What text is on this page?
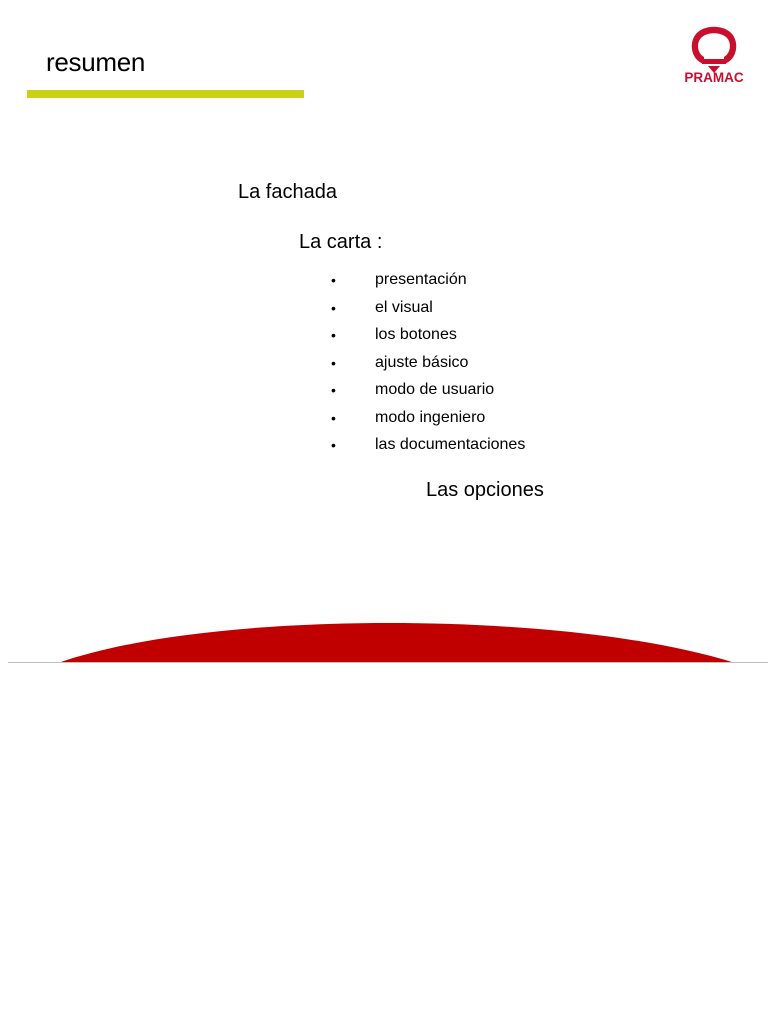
resumen
PRAMAC
La fachada
La carta :
• presentación
• el visual
• los botones
• ajuste básico
• modo de usuario
• modo ingeniero
• las documentaciones
Las opciones
